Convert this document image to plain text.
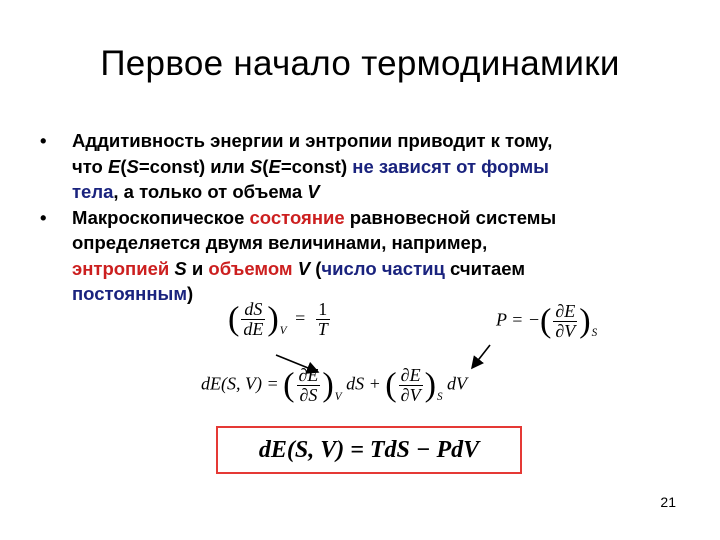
Первое начало термодинамики
• Аддитивность энергии и энтропии приводит к тому,
что E(S=const) или S(E=const) не зависят от формы
тела, а только от объема V
• Макроскопическое состояние равновесной системы
определяется двумя величинами, например,
энтропией S и объемом V (число частиц считаем
постоянным)
( $\frac{dS}{dE} )_V = \frac{1}{T}$	P = −( $\frac{\partial E}{\partial V} )_S$
dE(S, V) = ( $\frac{\partial E}{\partial S} )_V$ dS + ( $\frac{\partial E}{\partial V} )_S$ dV
dE(S, V) = TdS − PdV
21
